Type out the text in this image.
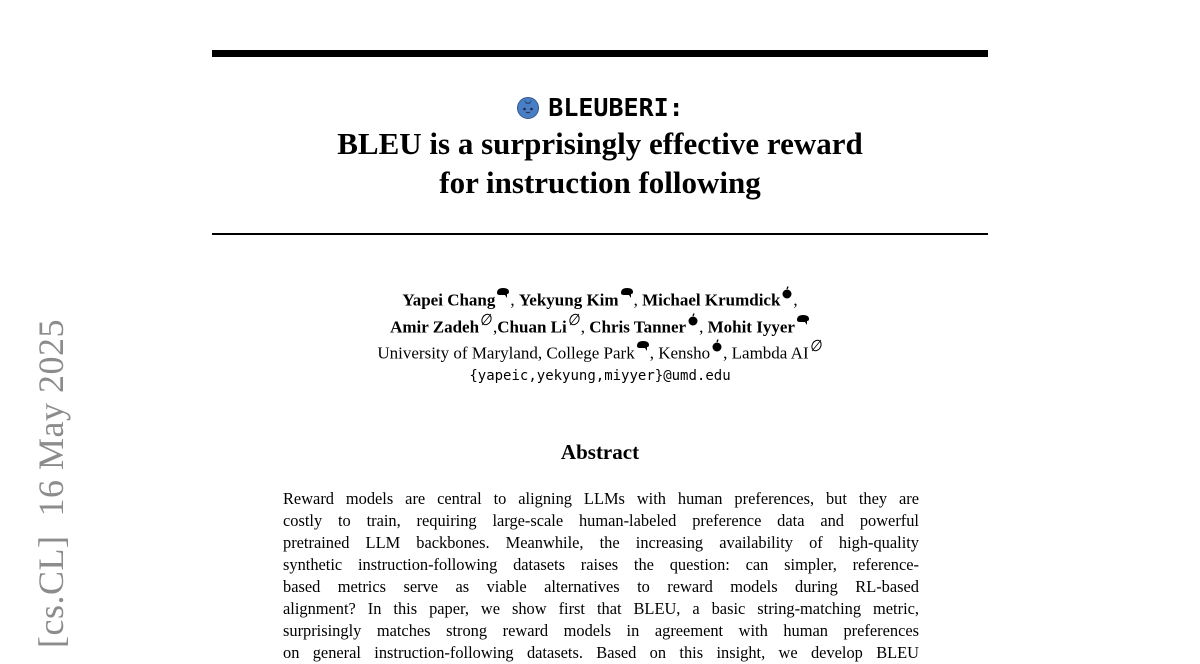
[cs.CL]  16 May 2025
BLEUBERI:
BLEU is a surprisingly effective reward
for instruction following
Yapei Chang , Yekyung Kim , Michael Krumdick ,
Amir Zadeh ,Chuan Li , Chris Tanner , Mohit Iyyer
University of Maryland, College Park , Kensho , Lambda AI
{yapeic,yekyung,miyyer}@umd.edu
Abstract
Reward models are central to aligning LLMs with human preferences, but they are
costly to train, requiring large-scale human-labeled preference data and powerful
pretrained LLM backbones. Meanwhile, the increasing availability of high-quality
synthetic instruction-following datasets raises the question: can simpler, reference-
based metrics serve as viable alternatives to reward models during RL-based
alignment? In this paper, we show first that BLEU, a basic string-matching metric,
surprisingly matches strong reward models in agreement with human preferences
on general instruction-following datasets. Based on this insight, we develop BLEU
